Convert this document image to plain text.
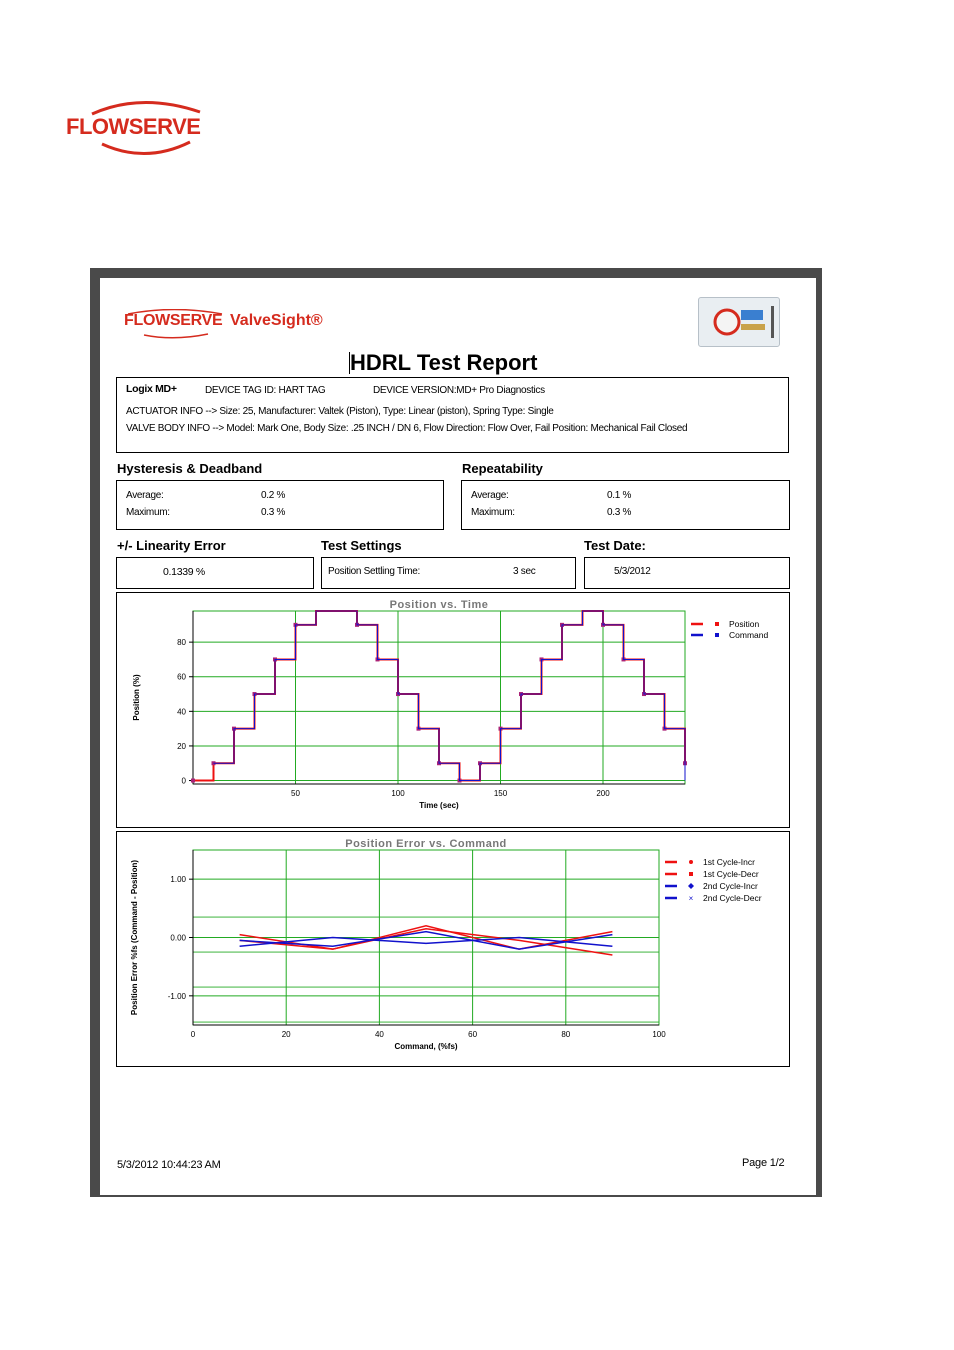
FLOWSERVE
FLOWSERVE ValveSight®
HDRL Test Report
Logix MD+	DEVICE TAG ID: HART TAG	DEVICE VERSION:MD+ Pro Diagnostics
ACTUATOR INFO --> Size: 25, Manufacturer: Valtek (Piston), Type: Linear (piston), Spring Type: Single
VALVE BODY INFO --> Model: Mark One, Body Size: .25 INCH / DN 6, Flow Direction: Flow Over, Fail Position: Mechanical Fail Closed
Hysteresis & Deadband
Average:	0.2 %
Maximum:	0.3 %
Repeatability
Average:	0.1 %
Maximum:	0.3 %
+/- Linearity Error
0.1339 %
Test Settings
Position Settling Time:	3 sec
Test Date:
5/3/2012
Position vs. Time
50	100	150	200
0
20
40
60
80
Time (sec)
Position (%)
Position
Command
Position Error vs. Command
0	20	40	60	80	100
1.00
0.00
-1.00
Command, (%fs)
Position Error %fs (Command - Position)	1st Cycle-Incr
1st Cycle-Decr
2nd Cycle-Incr
× 2nd Cycle-Decr
5/3/2012 10:44:23 AM	Page 1/2
